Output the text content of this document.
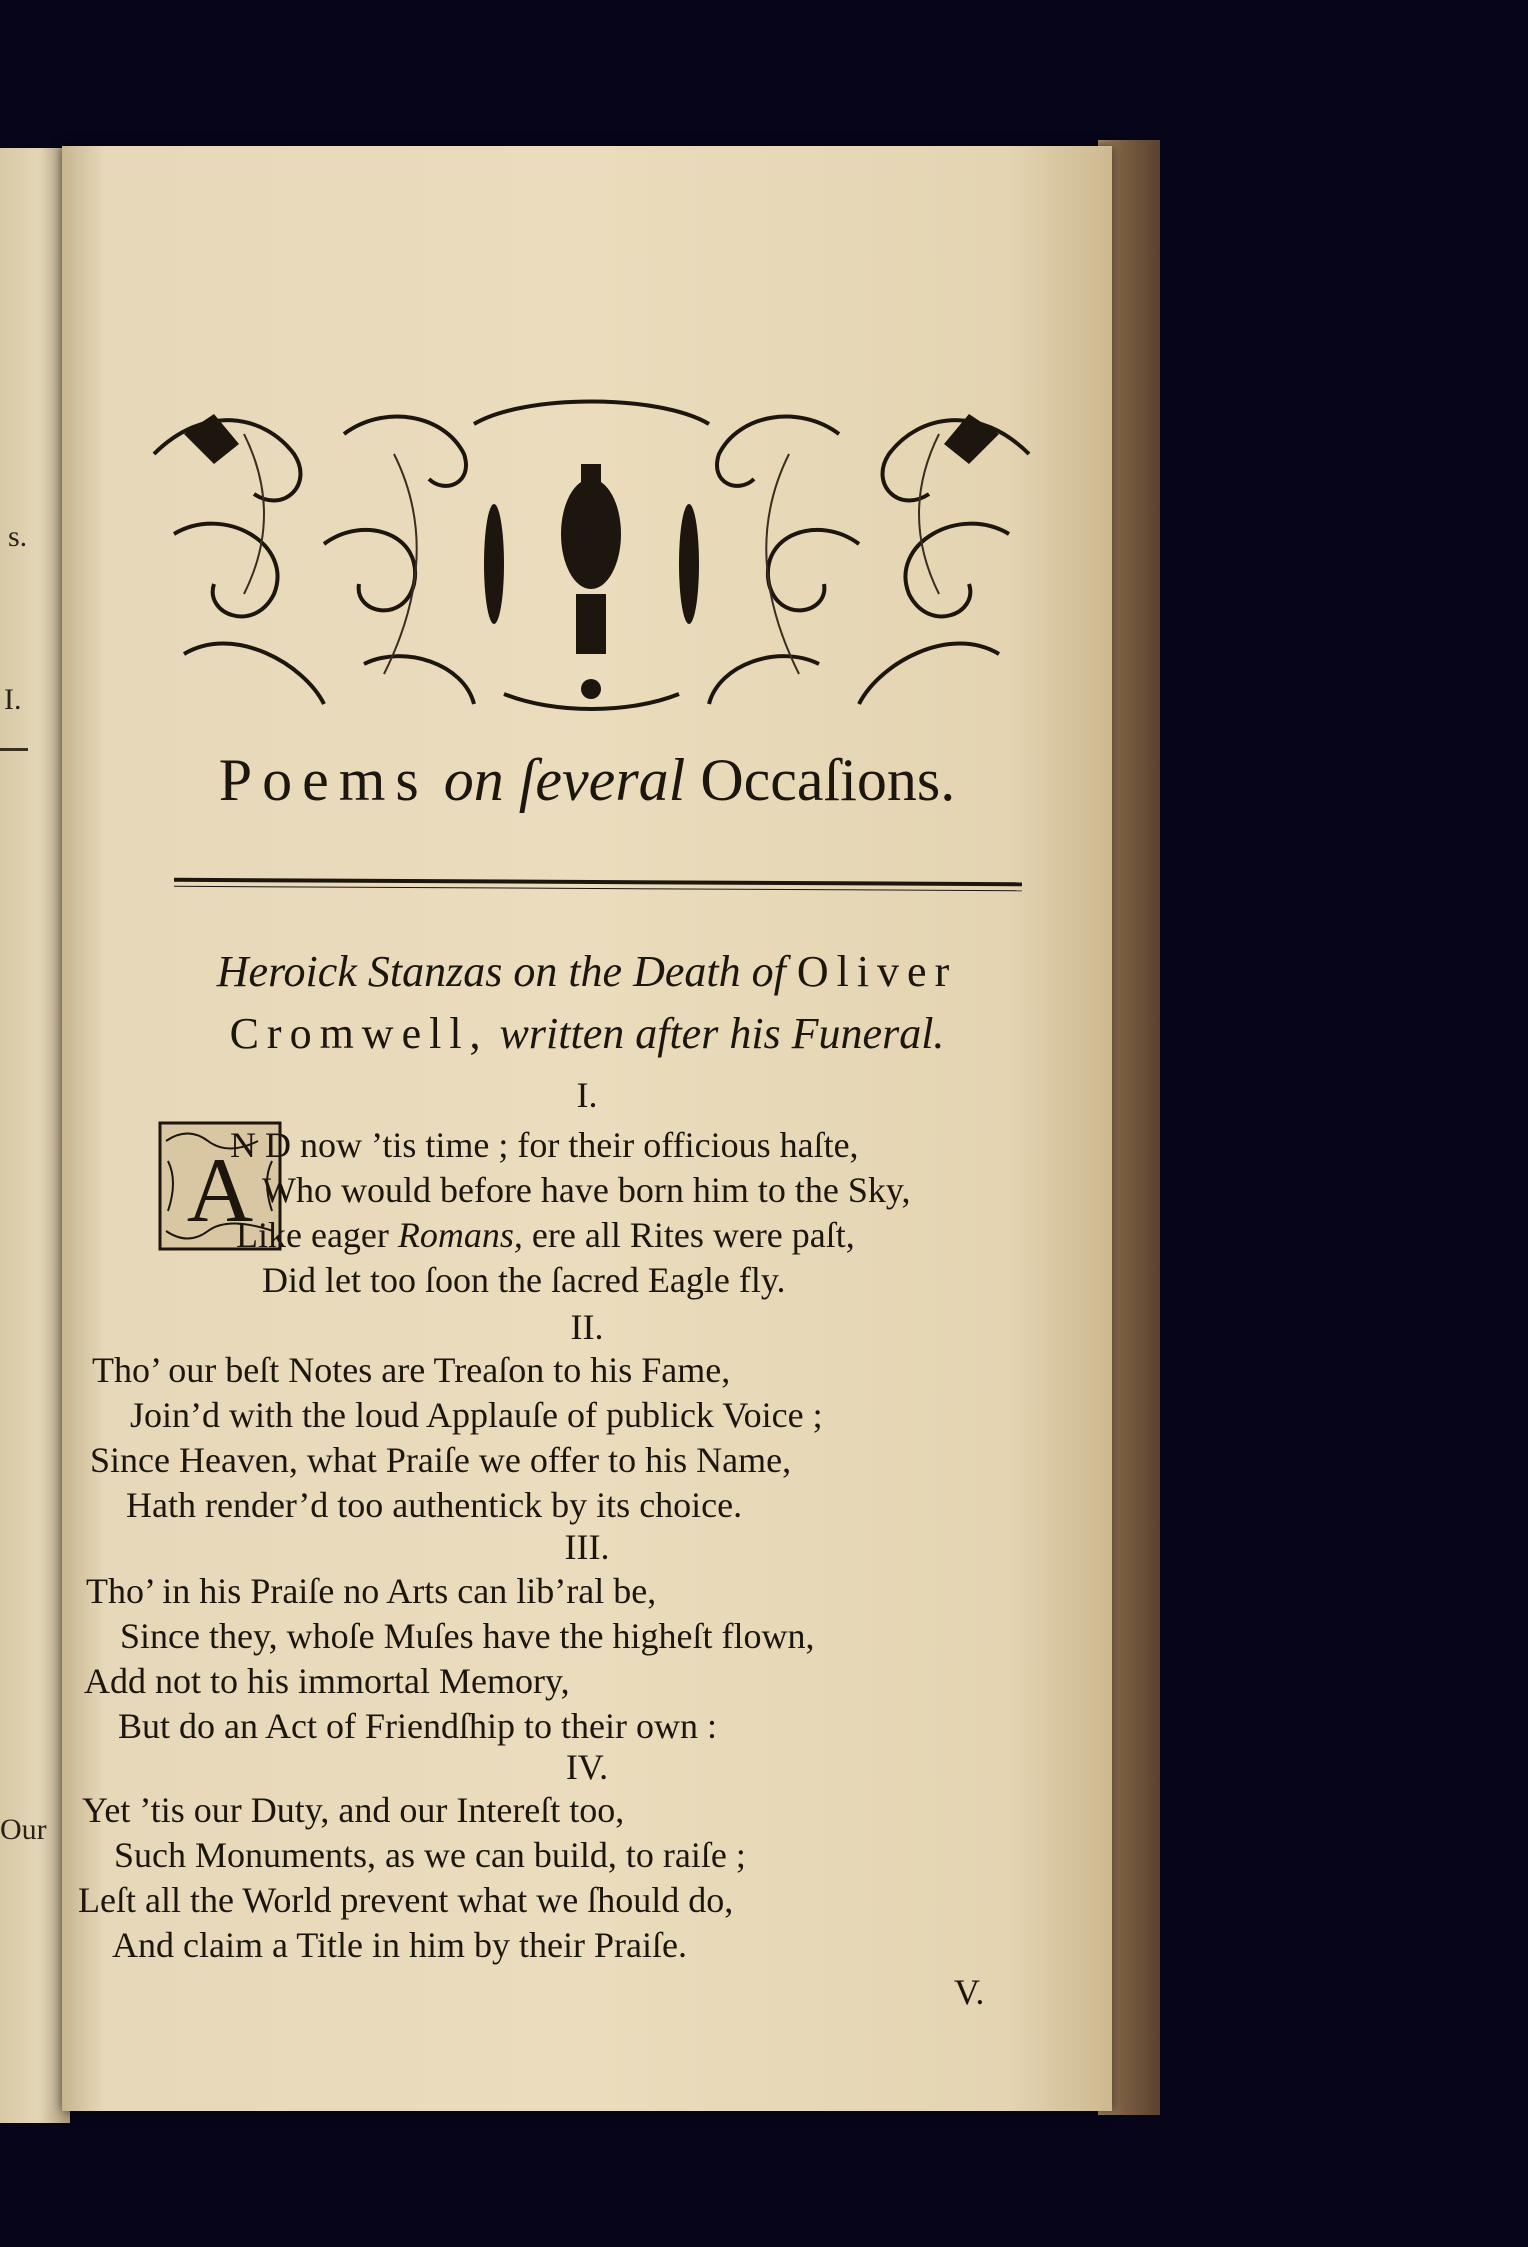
s.
I.
Our
Poems on ſeveral Occaſions.
Heroick Stanzas on the Death of Oliver
Cromwell, written after his Funeral.
I.
A
N D now ’tis time ; for their officious haſte,
Who would before have born him to the Sky,
Like eager Romans, ere all Rites were paſt,
Did let too ſoon the ſacred Eagle fly.
II.
Tho’ our beſt Notes are Treaſon to his Fame,
Join’d with the loud Applauſe of publick Voice ;
Since Heaven, what Praiſe we offer to his Name,
Hath render’d too authentick by its choice.
III.
Tho’ in his Praiſe no Arts can lib’ral be,
Since they, whoſe Muſes have the higheſt flown,
Add not to his immortal Memory,
But do an Act of Friendſhip to their own :
IV.
Yet ’tis our Duty, and our Intereſt too,
Such Monuments, as we can build, to raiſe ;
Leſt all the World prevent what we ſhould do,
And claim a Title in him by their Praiſe.
V.
